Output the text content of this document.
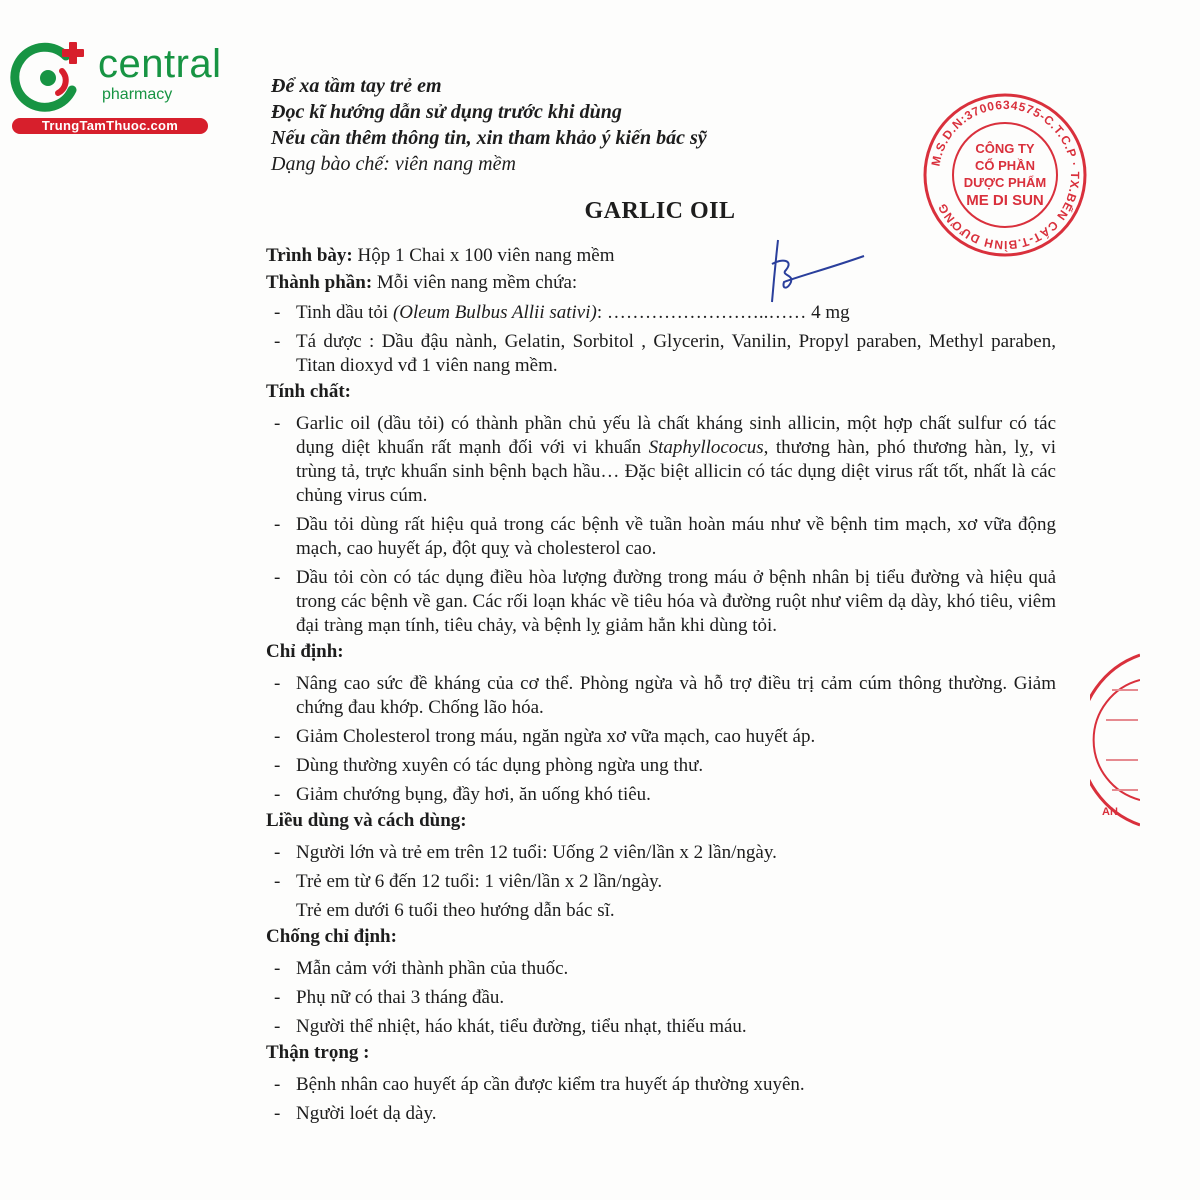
central
pharmacy
TrungTamThuoc.com
Để xa tầm tay trẻ em
Đọc kĩ hướng dẫn sử dụng trước khi dùng
Nếu cần thêm thông tin, xin tham khảo ý kiến bác sỹ
Dạng bào chế: viên nang mềm
GARLIC OIL
M.S.D.N:3700634575-C.T.C.P · TX.BẾN CÁT-T.BÌNH DƯƠNG
CÔNG TY
CỔ PHẦN
DƯỢC PHẨM
ME DI SUN
AN
Trình bày: Hộp 1 Chai x 100 viên nang mềm
Thành phần: Mỗi viên nang mềm chứa:
- Tinh dầu tỏi (Oleum Bulbus Allii sativi): ……………………..…… 4 mg
- Tá dược : Dầu đậu nành, Gelatin, Sorbitol , Glycerin, Vanilin, Propyl paraben, Methyl paraben, Titan dioxyd vđ 1 viên nang mềm.
Tính chất:
- Garlic oil (dầu tỏi) có thành phần chủ yếu là chất kháng sinh allicin, một hợp chất sulfur có tác dụng diệt khuẩn rất mạnh đối với vi khuẩn Staphyllococus, thương hàn, phó thương hàn, lỵ, vi trùng tả, trực khuẩn sinh bệnh bạch hầu… Đặc biệt allicin có tác dụng diệt virus rất tốt, nhất là các chủng virus cúm.
- Dầu tỏi dùng rất hiệu quả trong các bệnh về tuần hoàn máu như về bệnh tim mạch, xơ vữa động mạch, cao huyết áp, đột quỵ và cholesterol cao.
- Dầu tỏi còn có tác dụng điều hòa lượng đường trong máu ở bệnh nhân bị tiểu đường và hiệu quả trong các bệnh về gan. Các rối loạn khác về tiêu hóa và đường ruột như viêm dạ dày, khó tiêu, viêm đại tràng mạn tính, tiêu chảy, và bệnh lỵ giảm hẳn khi dùng tỏi.
Chỉ định:
- Nâng cao sức đề kháng của cơ thể. Phòng ngừa và hỗ trợ điều trị cảm cúm thông thường. Giảm chứng đau khớp. Chống lão hóa.
- Giảm Cholesterol trong máu, ngăn ngừa xơ vữa mạch, cao huyết áp.
- Dùng thường xuyên có tác dụng phòng ngừa ung thư.
- Giảm chướng bụng, đầy hơi, ăn uống khó tiêu.
Liều dùng và cách dùng:
- Người lớn và trẻ em trên 12 tuổi: Uống 2 viên/lần x 2 lần/ngày.
- Trẻ em từ 6 đến 12 tuổi: 1 viên/lần x 2 lần/ngày.
Trẻ em dưới 6 tuổi theo hướng dẫn bác sĩ.
Chống chỉ định:
- Mẫn cảm với thành phần của thuốc.
- Phụ nữ có thai 3 tháng đầu.
- Người thể nhiệt, háo khát, tiểu đường, tiểu nhạt, thiếu máu.
Thận trọng :
- Bệnh nhân cao huyết áp cần được kiểm tra huyết áp thường xuyên.
- Người loét dạ dày.
